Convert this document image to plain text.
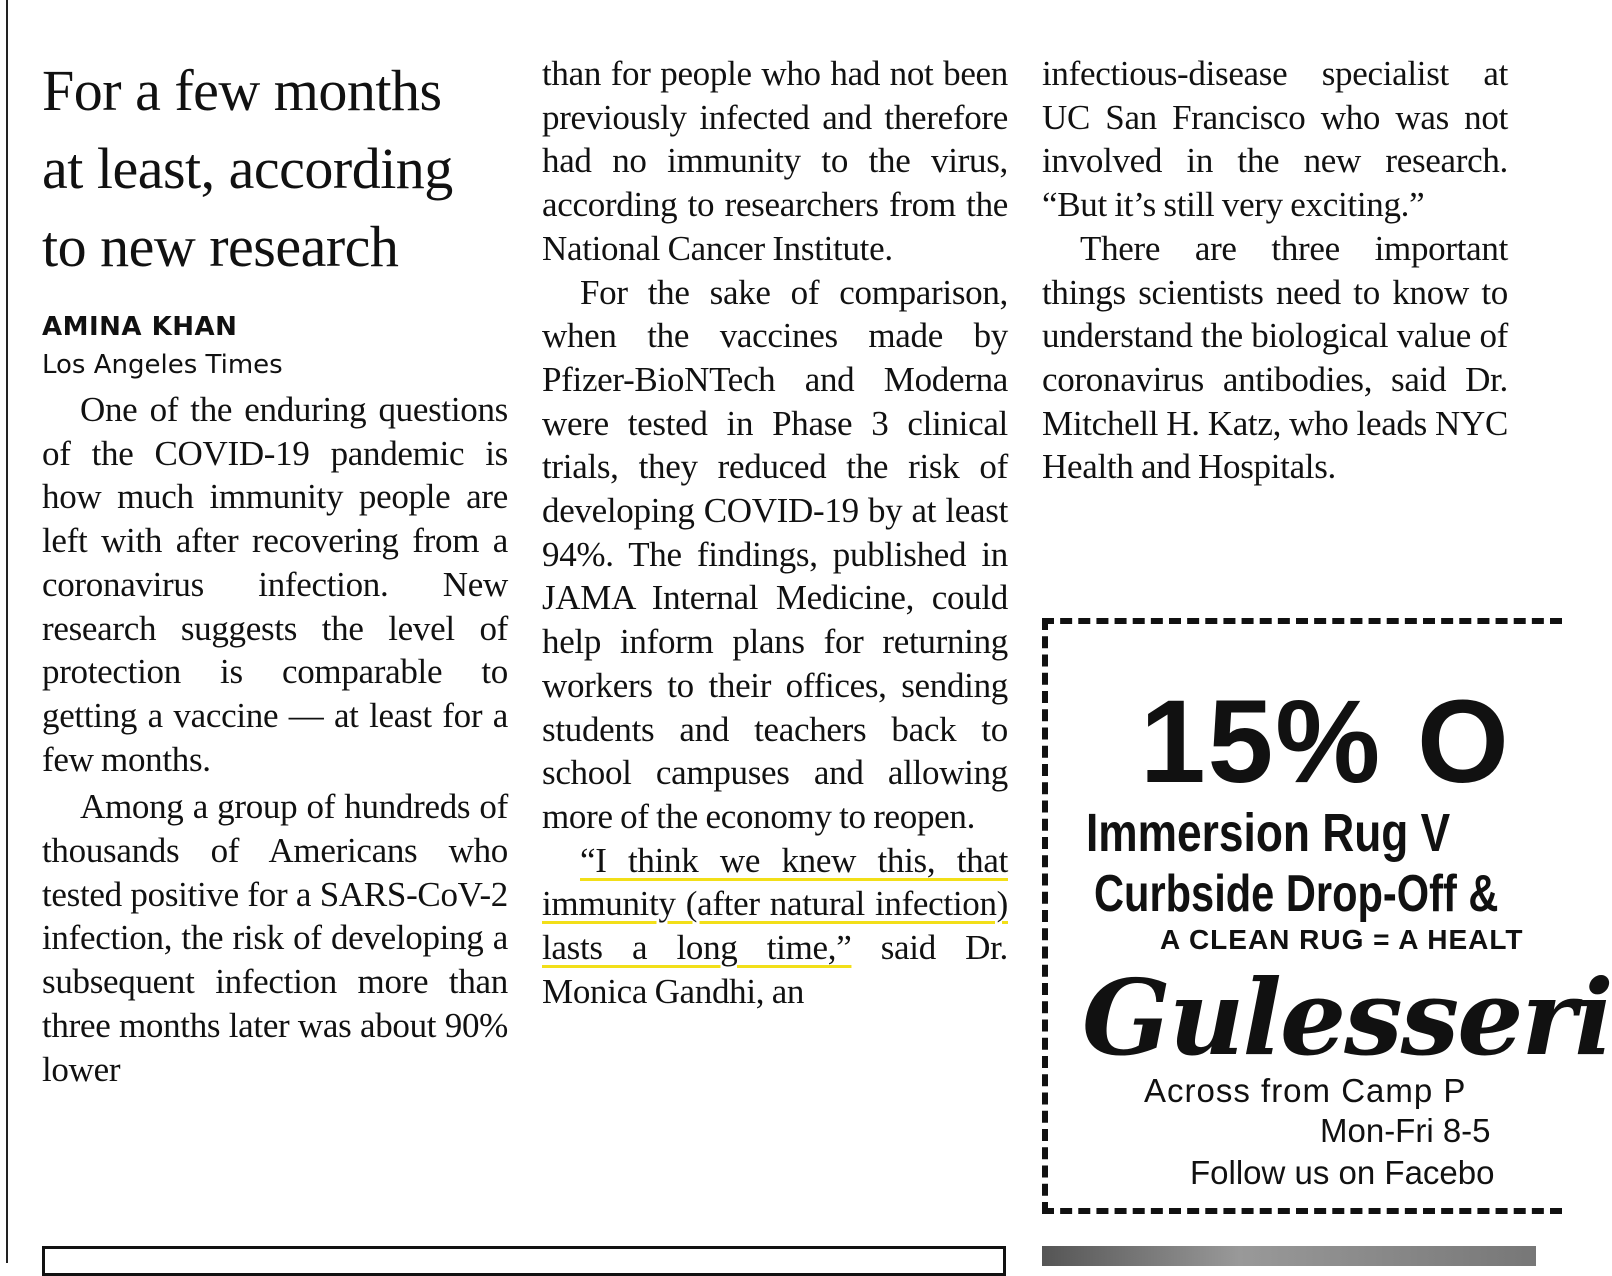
For a few months
at least, according
to new research
AMINA KHAN
Los Angeles Times

One of the enduring questions of the COVID-19 pandemic is how much immunity people are left with after recovering from a coronavirus infection. New research suggests the level of protection is comparable to getting a vaccine — at least for a few months.

Among a group of hundreds of thousands of Americans who tested positive for a SARS-CoV-2 infection, the risk of developing a subsequent infection more than three months later was about 90% lower

than for people who had not been previously infected and therefore had no immunity to the virus, according to researchers from the National Cancer Institute.

For the sake of comparison, when the vaccines made by Pfizer-BioNTech and Moderna were tested in Phase 3 clinical trials, they reduced the risk of developing COVID-19 by at least 94%. The findings, published in JAMA Internal Medicine, could help inform plans for returning workers to their offices, sending students and teachers back to school campuses and allowing more of the economy to reopen.

“I think we knew this, that immunity (after natural infection) lasts a long time,” said Dr. Monica Gandhi, an

infectious-disease specialist at UC San Francisco who was not involved in the new research. “But it’s still very exciting.”

There are three important things scientists need to know to understand the biological value of coronavirus antibodies, said Dr. Mitchell H. Katz, who leads NYC Health and Hospitals.

15% O
Immersion Rug V
Curbside Drop-Off &
A CLEAN RUG = A HEALT
Gulesseri
Across from Camp P
Mon-Fri 8-5
Follow us on Facebo
